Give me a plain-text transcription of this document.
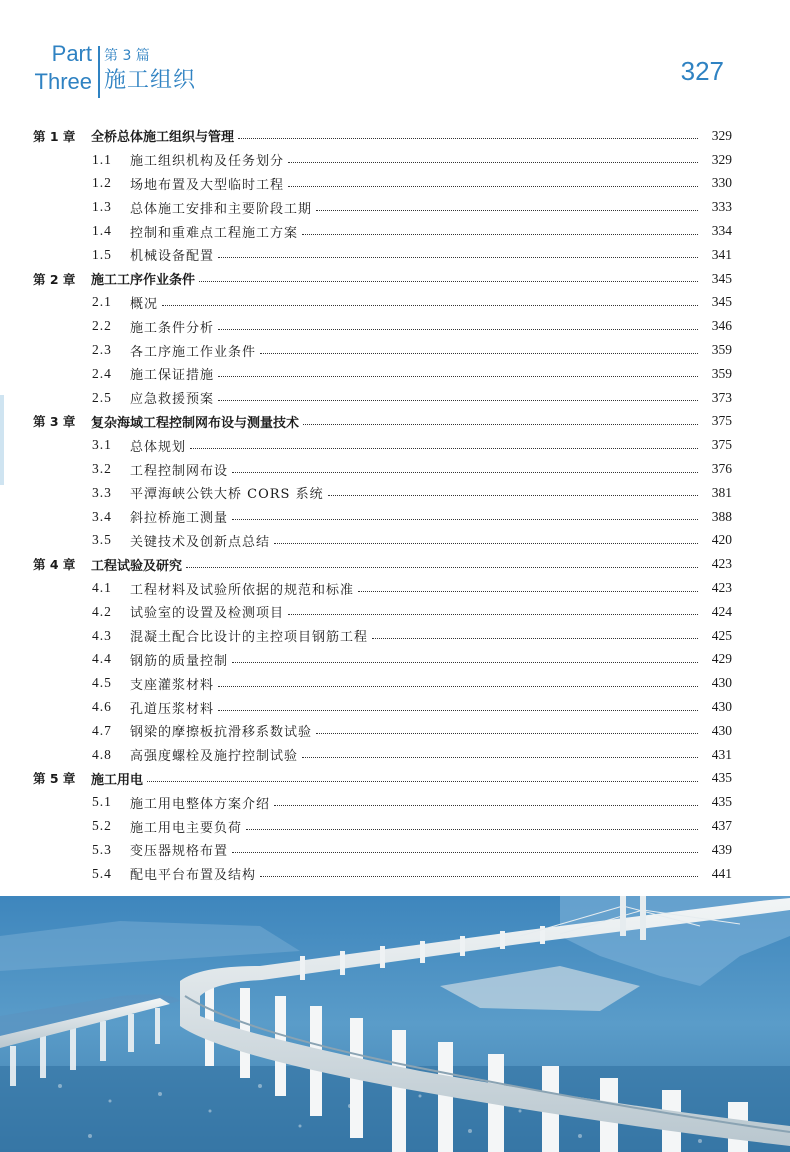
Part
Three
第 3 篇
施工组织	327
第 1 章	全桥总体施工组织与管理	329
1.1	施工组织机构及任务划分	329
1.2	场地布置及大型临时工程	330
1.3	总体施工安排和主要阶段工期	333
1.4	控制和重难点工程施工方案	334
1.5	机械设备配置	341
第 2 章	施工工序作业条件	345
2.1	概况	345
2.2	施工条件分析	346
2.3	各工序施工作业条件	359
2.4	施工保证措施	359
2.5	应急救援预案	373
第 3 章	复杂海域工程控制网布设与测量技术	375
3.1	总体规划	375
3.2	工程控制网布设	376
3.3	平潭海峡公铁大桥 CORS 系统	381
3.4	斜拉桥施工测量	388
3.5	关键技术及创新点总结	420
第 4 章	工程试验及研究	423
4.1	工程材料及试验所依据的规范和标准	423
4.2	试验室的设置及检测项目	424
4.3	混凝土配合比设计的主控项目钢筋工程	425
4.4	钢筋的质量控制	429
4.5	支座灌浆材料	430
4.6	孔道压浆材料	430
4.7	钢梁的摩擦板抗滑移系数试验	430
4.8	高强度螺栓及施拧控制试验	431
第 5 章	施工用电	435
5.1	施工用电整体方案介绍	435
5.2	施工用电主要负荷	437
5.3	变压器规格布置	439
5.4	配电平台布置及结构	441
